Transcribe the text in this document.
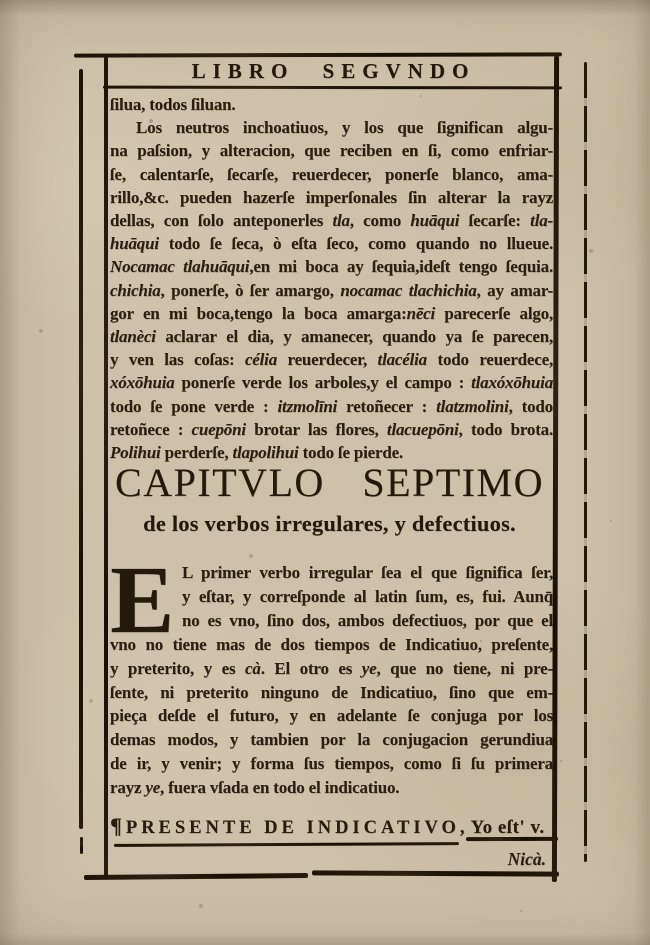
LIBRO SEGVNDO
ſilua, todos ſiluan.
Los neutros inchoatiuos, y los que ſignifican algu-
na paſsion, y alteracion, que reciben en ſi, como enfriar-
ſe, calentarſe, ſecarſe, reuerdecer, ponerſe blanco, ama-
rillo,&c. pueden hazerſe imperſonales ſin alterar la rayz
dellas, con ſolo anteponerles tla, como huāqui ſecarſe: tla-
huāqui todo ſe ſeca, ò eſta ſeco, como quando no llueue.
Nocamac tlahuāqui,en mi boca ay ſequia,ideſt tengo ſequia.
chichia, ponerſe, ò ſer amargo, nocamac tlachichia, ay amar-
gor en mi boca,tengo la boca amarga:nēci parecerſe algo,
tlanèci aclarar el dia, y amanecer, quando ya ſe parecen,
y ven las coſas: célia reuerdecer, tlacélia todo reuerdece,
xóxōhuia ponerſe verde los arboles,y el campo : tlaxóxōhuia
todo ſe pone verde : itzmolīni retoñecer : tlatzmolini, todo
retoñece : cuepōni brotar las flores, tlacuepōni, todo brota.
Polihui perderſe, tlapolihui todo ſe pierde.
CAPITVLO SEPTIMO
de los verbos irregulares, y defectiuos.
E L primer verbo irregular ſea el que ſignifica ſer,
y eſtar, y correſponde al latin ſum, es, fui. Aunq̄
no es vno, ſino dos, ambos defectiuos, por que el
vno no tiene mas de dos tiempos de Indicatiuo, preſente,
y preterito, y es cà. El otro es ye, que no tiene, ni pre-
ſente, ni preterito ninguno de Indicatiuo, ſino que em-
pieça deſde el futuro, y en adelante ſe conjuga por los
demas modos, y tambien por la conjugacion gerundiua
de ir, y venir; y forma ſus tiempos, como ſi ſu primera
rayz ye, fuera vſada en todo el indicatiuo.
¶ PRESENTE DE INDICATIVO, Yo eſt' v.
Nicà.
